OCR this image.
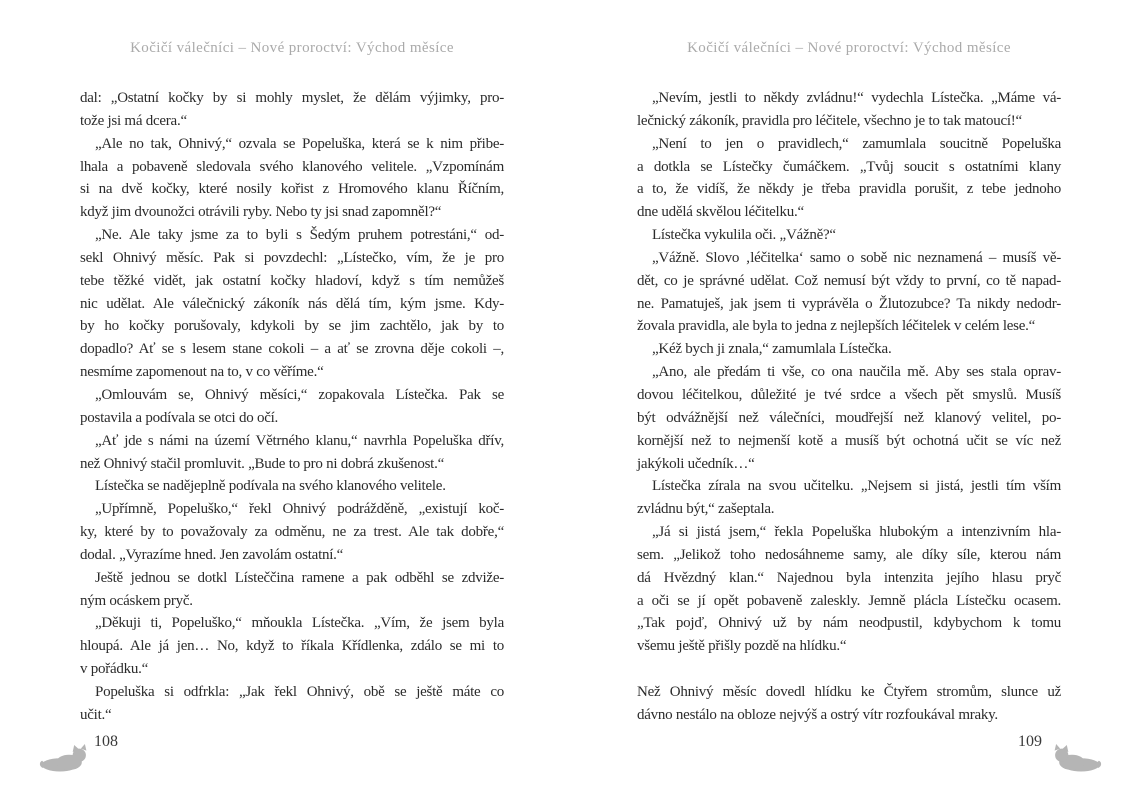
Kočičí válečníci – Nové proroctví: Východ měsíce
dal: „Ostatní kočky by si mohly myslet, že dělám výjimky, pro-
tože jsi má dcera.“
„Ale no tak, Ohnivý,“ ozvala se Popeluška, která se k nim přibe-
lhala a pobaveně sledovala svého klanového velitele. „Vzpomínám
si na dvě kočky, které nosily kořist z Hromového klanu Říčním,
když jim dvounožci otrávili ryby. Nebo ty jsi snad zapomněl?“
„Ne. Ale taky jsme za to byli s Šedým pruhem potrestáni,“ od-
sekl Ohnivý měsíc. Pak si povzdechl: „Lístečko, vím, že je pro
tebe těžké vidět, jak ostatní kočky hladoví, když s tím nemůžeš
nic udělat. Ale válečnický zákoník nás dělá tím, kým jsme. Kdy-
by ho kočky porušovaly, kdykoli by se jim zachtělo, jak by to
dopadlo? Ať se s lesem stane cokoli – a ať se zrovna děje cokoli –,
nesmíme zapomenout na to, v co věříme.“
„Omlouvám se, Ohnivý měsíci,“ zopakovala Lístečka. Pak se
postavila a podívala se otci do očí.
„Ať jde s námi na území Větrného klanu,“ navrhla Popeluška dřív,
než Ohnivý stačil promluvit. „Bude to pro ni dobrá zkušenost.“
Lístečka se nadějeplně podívala na svého klanového velitele.
„Upřímně, Popeluško,“ řekl Ohnivý podrážděně, „existují koč-
ky, které by to považovaly za odměnu, ne za trest. Ale tak dobře,“
dodal. „Vyrazíme hned. Jen zavolám ostatní.“
Ještě jednou se dotkl Lísteččina ramene a pak odběhl se zdviže-
ným ocáskem pryč.
„Děkuji ti, Popeluško,“ mňoukla Lístečka. „Vím, že jsem byla
hloupá. Ale já jen… No, když to říkala Křídlenka, zdálo se mi to
v pořádku.“
Popeluška si odfrkla: „Jak řekl Ohnivý, obě se ještě máte co
učit.“
108
Kočičí válečníci – Nové proroctví: Východ měsíce
„Nevím, jestli to někdy zvládnu!“ vydechla Lístečka. „Máme vá-
lečnický zákoník, pravidla pro léčitele, všechno je to tak matoucí!“
„Není to jen o pravidlech,“ zamumlala soucitně Popeluška
a dotkla se Lístečky čumáčkem. „Tvůj soucit s ostatními klany
a to, že vidíš, že někdy je třeba pravidla porušit, z tebe jednoho
dne udělá skvělou léčitelku.“
Lístečka vykulila oči. „Vážně?“
„Vážně. Slovo ‚léčitelka‘ samo o sobě nic neznamená – musíš vě-
dět, co je správné udělat. Což nemusí být vždy to první, co tě napad-
ne. Pamatuješ, jak jsem ti vyprávěla o Žlutozubce? Ta nikdy nedodr-
žovala pravidla, ale byla to jedna z nejlepších léčitelek v celém lese.“
„Kéž bych ji znala,“ zamumlala Lístečka.
„Ano, ale předám ti vše, co ona naučila mě. Aby ses stala oprav-
dovou léčitelkou, důležité je tvé srdce a všech pět smyslů. Musíš
být odvážnější než válečníci, moudřejší než klanový velitel, po-
kornější než to nejmenší kotě a musíš být ochotná učit se víc než
jakýkoli učedník…“
Lístečka zírala na svou učitelku. „Nejsem si jistá, jestli tím vším
zvládnu být,“ zašeptala.
„Já si jistá jsem,“ řekla Popeluška hlubokým a intenzivním hla-
sem. „Jelikož toho nedosáhneme samy, ale díky síle, kterou nám
dá Hvězdný klan.“ Najednou byla intenzita jejího hlasu pryč
a oči se jí opět pobaveně zaleskly. Jemně plácla Lístečku ocasem.
„Tak pojď, Ohnivý už by nám neodpustil, kdybychom k tomu
všemu ještě přišly pozdě na hlídku.“
Než Ohnivý měsíc dovedl hlídku ke Čtyřem stromům, slunce už
dávno nestálo na obloze nejvýš a ostrý vítr rozfoukával mraky.
109
